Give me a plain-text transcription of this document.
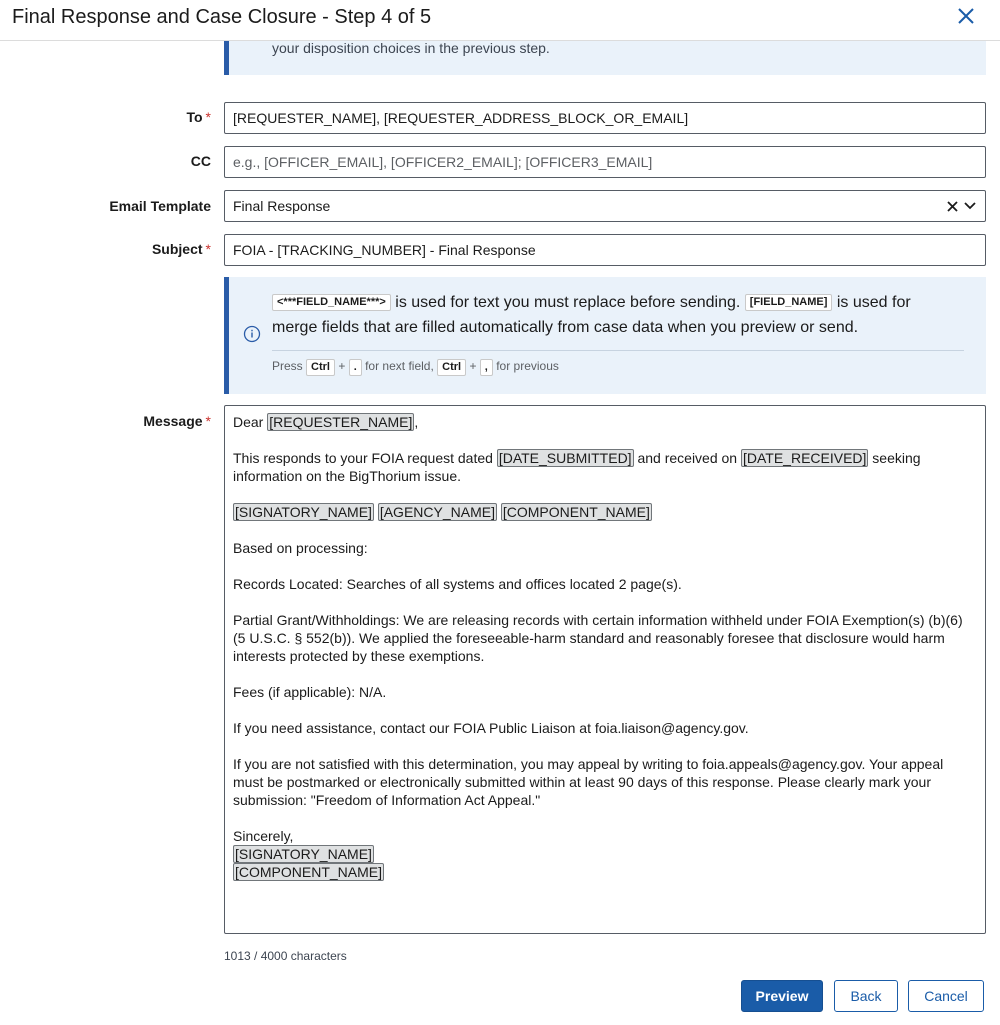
Final Response and Case Closure - Step 4 of 5
your disposition choices in the previous step.
To *	[REQUESTER_NAME], [REQUESTER_ADDRESS_BLOCK_OR_EMAIL]
CC	e.g., [OFFICER_EMAIL], [OFFICER2_EMAIL]; [OFFICER3_EMAIL]
Email Template	Final Response
Subject *	FOIA - [TRACKING_NUMBER] - Final Response
<***FIELD_NAME***> is used for text you must replace before sending. [FIELD_NAME] is used for
merge fields that are filled automatically from case data when you preview or send.
Press Ctrl + . for next field, Ctrl + , for previous
Message * Dear [REQUESTER_NAME] ,

This responds to your FOIA request dated [DATE_SUBMITTED] and received on [DATE_RECEIVED] seeking information on the BigThorium issue.

[SIGNATORY_NAME] [AGENCY_NAME] [COMPONENT_NAME]

Based on processing:

Records Located: Searches of all systems and offices located 2 page(s).

Partial Grant/Withholdings: We are releasing records with certain information withheld under FOIA Exemption(s) (b)(6) (5 U.S.C. § 552(b)). We applied the foreseeable-harm standard and reasonably foresee that disclosure would harm interests protected by these exemptions.

Fees (if applicable): N/A.

If you need assistance, contact our FOIA Public Liaison at foia.liaison@agency.gov.

If you are not satisfied with this determination, you may appeal by writing to foia.appeals@agency.gov. Your appeal must be postmarked or electronically submitted within at least 90 days of this response. Please clearly mark your submission: "Freedom of Information Act Appeal."

Sincerely,
[SIGNATORY_NAME]
[COMPONENT_NAME]
1013 / 4000 characters
Preview	Back	Cancel
